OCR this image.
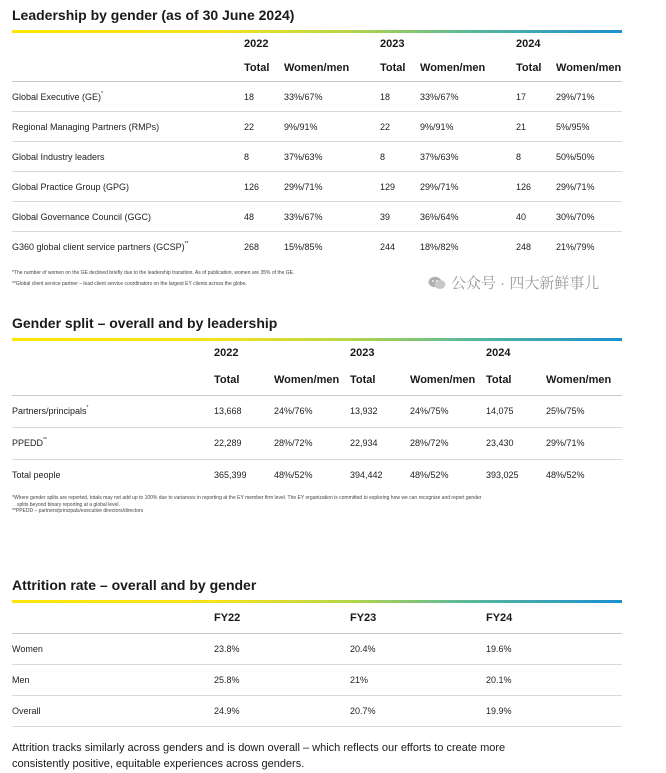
Leadership by gender (as of 30 June 2024)
	2022		2023		2024	
	Total	Women/men	Total	Women/men	Total	Women/men
Global Executive (GE)*	18	33%/67%	18	33%/67%	17	29%/71%
Regional Managing Partners (RMPs)	22	9%/91%	22	9%/91%	21	5%/95%
Global Industry leaders	8	37%/63%	8	37%/63%	8	50%/50%
Global Practice Group (GPG)	126	29%/71%	129	29%/71%	126	29%/71%
Global Governance Council (GGC)	48	33%/67%	39	36%/64%	40	30%/70%
G360 global client service partners (GCSP)**	268	15%/85%	244	18%/82%	248	21%/79%
*The number of women on the GE declined briefly due to the leadership transition. As of publication, women are 35% of the GE.
**Global client service partner – lead client service coordinators on the largest EY clients across the globe.	公众号 · 四大新鲜事儿
Gender split – overall and by leadership
	2022		2023		2024	
	Total	Women/men	Total	Women/men	Total	Women/men
Partners/principals*	13,668	24%/76%	13,932	24%/75%	14,075	25%/75%
PPEDD**	22,289	28%/72%	22,934	28%/72%	23,430	29%/71%
Total people	365,399	48%/52%	394,442	48%/52%	393,025	48%/52%
*Where gender splits are reported, totals may not add up to 100% due to variances in reporting at the EY member firm level. The EY organization is committed to exploring how we can recognize and report gender
splits beyond binary reporting at a global level.
**PPEDD – partners/principals/executive directors/directors
Attrition rate – overall and by gender
	FY22	FY23	FY24
Women	23.8%	20.4%	19.6%
Men	25.8%	21%	20.1%
Overall	24.9%	20.7%	19.9%
Attrition tracks similarly across genders and is down overall – which reflects our efforts to create more consistently positive, equitable experiences across genders.
